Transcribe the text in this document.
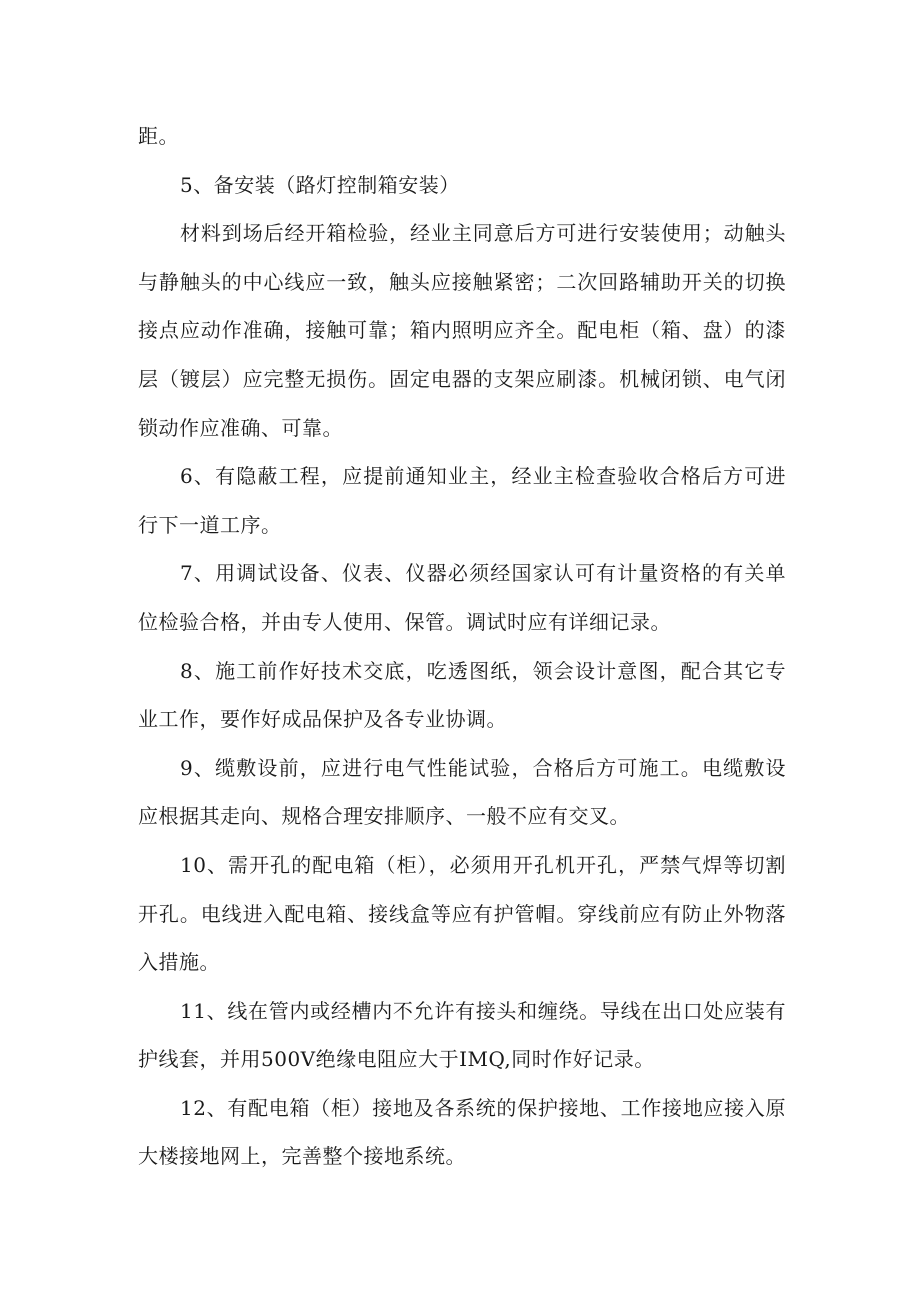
距。

5、备安装（路灯控制箱安装）

材料到场后经开箱检验，经业主同意后方可进行安装使用；动触头与静触头的中心线应一致，触头应接触紧密；二次回路辅助开关的切换接点应动作准确，接触可靠；箱内照明应齐全。配电柜（箱、盘）的漆层（镀层）应完整无损伤。固定电器的支架应刷漆。机械闭锁、电气闭锁动作应准确、可靠。

6、有隐蔽工程，应提前通知业主，经业主检查验收合格后方可进行下一道工序。

7、用调试设备、仪表、仪器必须经国家认可有计量资格的有关单位检验合格，并由专人使用、保管。调试时应有详细记录。

8、施工前作好技术交底，吃透图纸，领会设计意图，配合其它专业工作，要作好成品保护及各专业协调。

9、缆敷设前，应进行电气性能试验，合格后方可施工。电缆敷设应根据其走向、规格合理安排顺序、一般不应有交叉。

10、需开孔的配电箱（柜），必须用开孔机开孔，严禁气焊等切割开孔。电线进入配电箱、接线盒等应有护管帽。穿线前应有防止外物落入措施。

11、线在管内或经槽内不允许有接头和缠绕。导线在出口处应装有护线套，并用500V绝缘电阻应大于IMQ,同时作好记录。

12、有配电箱（柜）接地及各系统的保护接地、工作接地应接入原大楼接地网上，完善整个接地系统。
